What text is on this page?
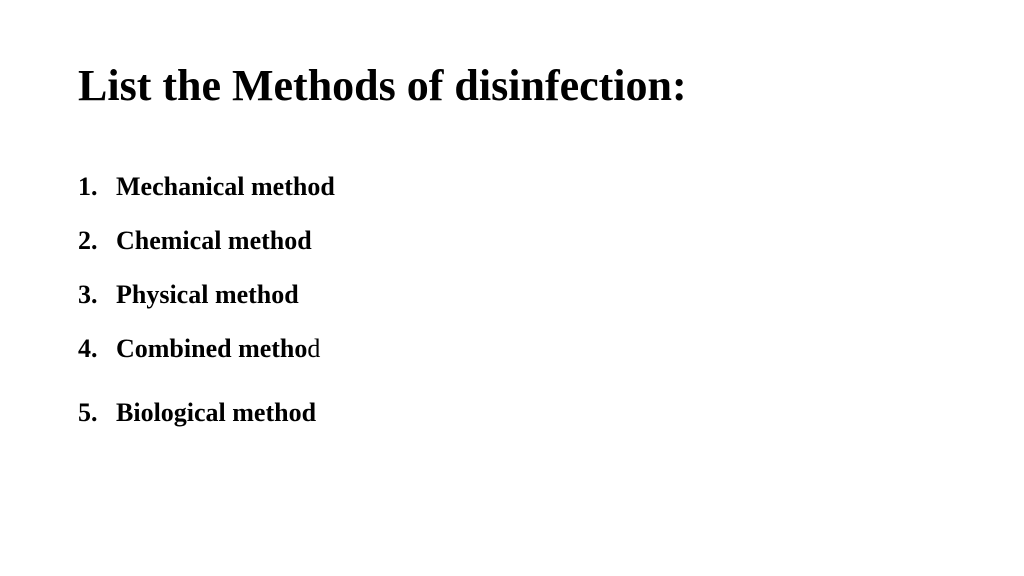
List the Methods of disinfection:
1. Mechanical method
2. Chemical method
3. Physical method
4. Combined method
5. Biological method
